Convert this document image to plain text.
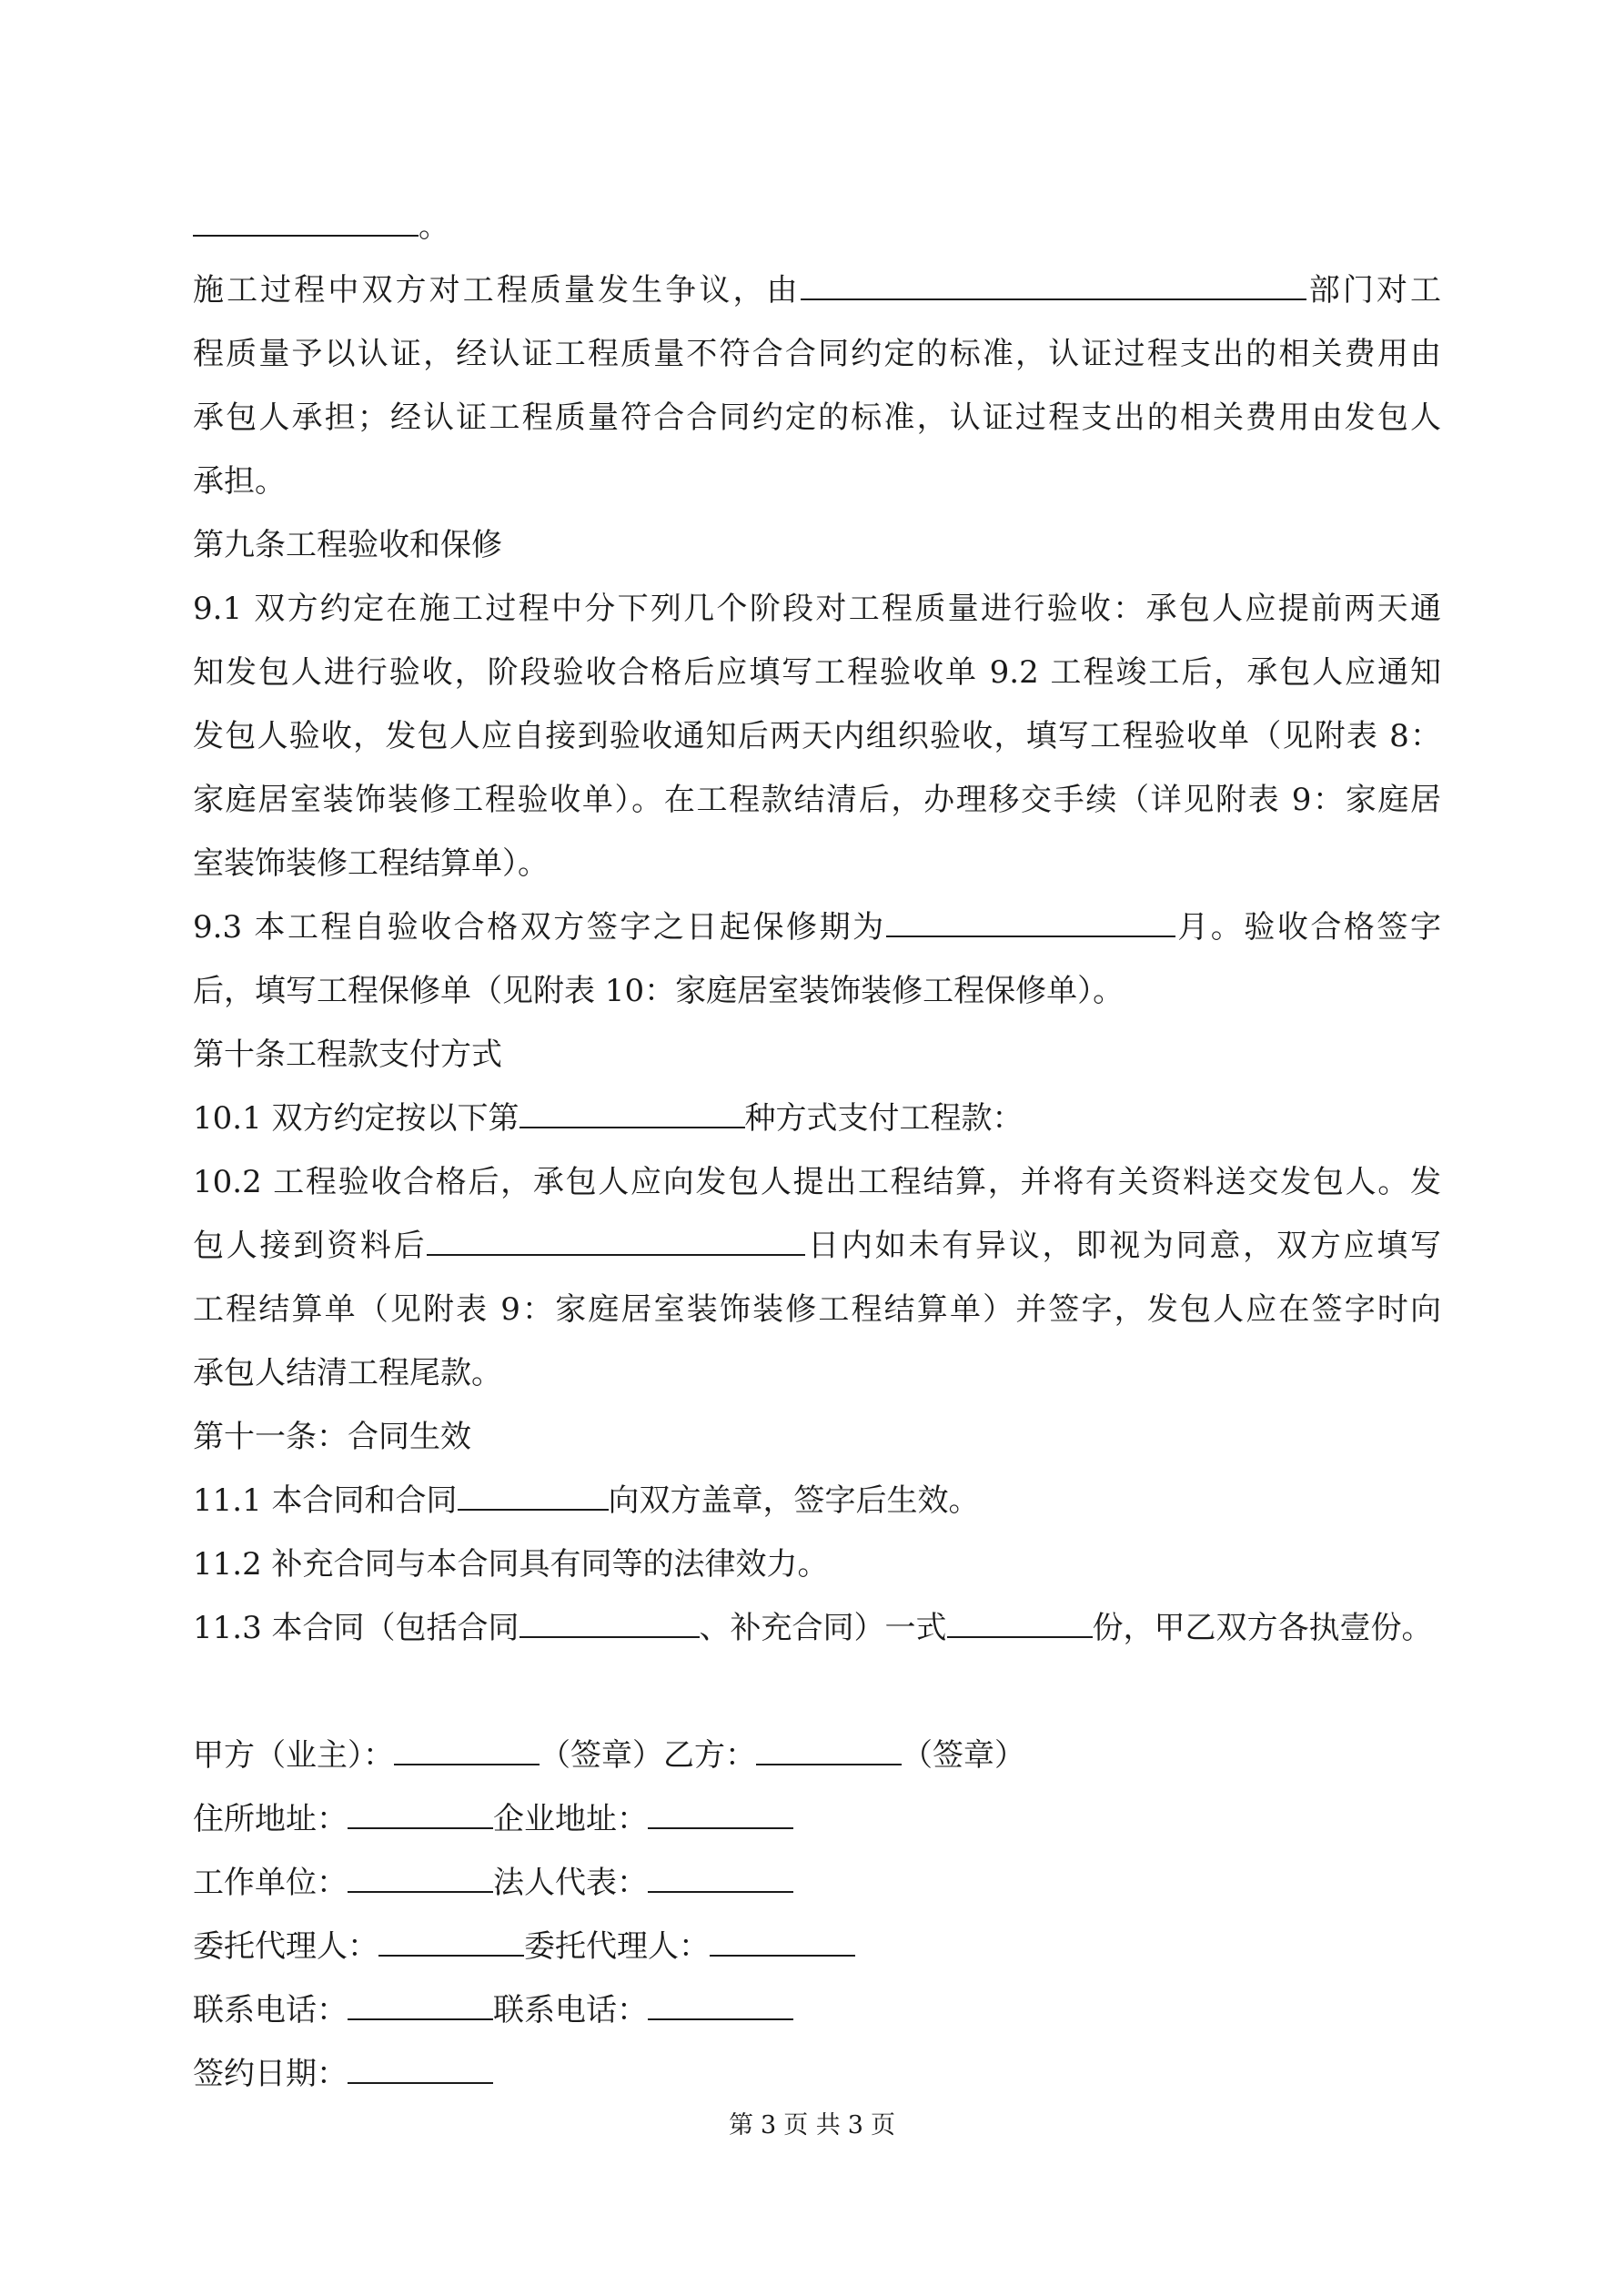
。
施工过程中双方对工程质量发生争议，由	部门对工
程质量予以认证，经认证工程质量不符合合同约定的标准，认证过程支出的相关费用由
承包人承担；经认证工程质量符合合同约定的标准，认证过程支出的相关费用由发包人
承担。
第九条工程验收和保修
9.1 双方约定在施工过程中分下列几个阶段对工程质量进行验收：承包人应提前两天通
知发包人进行验收，阶段验收合格后应填写工程验收单 9.2 工程竣工后，承包人应通知
发包人验收，发包人应自接到验收通知后两天内组织验收，填写工程验收单（见附表 8：
家庭居室装饰装修工程验收单）。在工程款结清后，办理移交手续（详见附表 9：家庭居
室装饰装修工程结算单）。
9.3 本工程自验收合格双方签字之日起保修期为	月。验收合格签字
后，填写工程保修单（见附表 10：家庭居室装饰装修工程保修单）。
第十条工程款支付方式
10.1 双方约定按以下第	种方式支付工程款：
10.2 工程验收合格后，承包人应向发包人提出工程结算，并将有关资料送交发包人。发
包人接到资料后	日内如未有异议，即视为同意，双方应填写
工程结算单（见附表 9：家庭居室装饰装修工程结算单）并签字，发包人应在签字时向
承包人结清工程尾款。
第十一条：合同生效
11.1 本合同和合同	向双方盖章，签字后生效。
11.2 补充合同与本合同具有同等的法律效力。
11.3 本合同（包括合同	、补充合同）一式	份，甲乙双方各执壹份。
甲方（业主）：	（签章）乙方：	（签章）
住所地址：	企业地址：
工作单位：	法人代表：
委托代理人：	委托代理人：
联系电话：	联系电话：
签约日期：
第 3 页 共 3 页
